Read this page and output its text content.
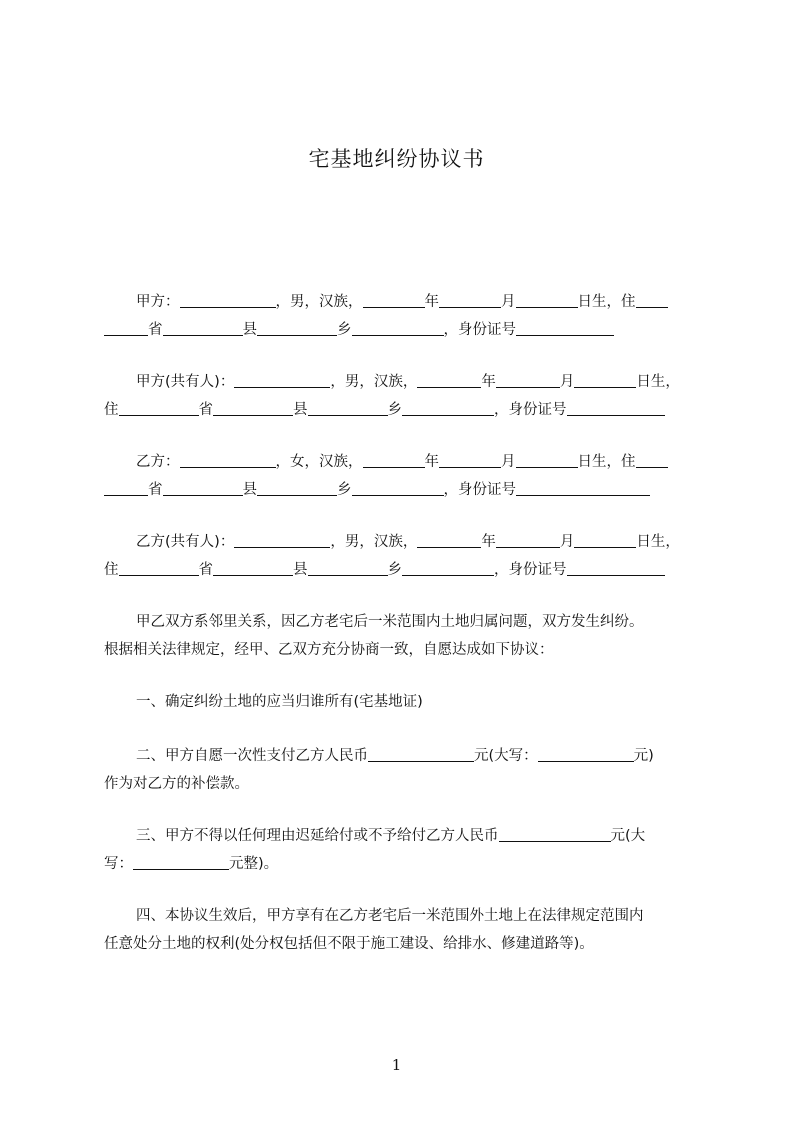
宅基地纠纷协议书
甲方：	，男，汉族，	年	月	日生，住
省	县	乡	，身份证号
甲方(共有人)：	，男，汉族，	年	月	日生，
住	省	县	乡	，身份证号
乙方：	，女，汉族，	年	月	日生，住
省	县	乡	，身份证号
乙方(共有人)：	，男，汉族，	年	月	日生，
住	省	县	乡	，身份证号
甲乙双方系邻里关系，因乙方老宅后一米范围内土地归属问题，双方发生纠纷。
根据相关法律规定，经甲、乙双方充分协商一致，自愿达成如下协议：
一、确定纠纷土地的应当归谁所有(宅基地证)
二、甲方自愿一次性支付乙方人民币	元(大写：	元)
作为对乙方的补偿款。
三、甲方不得以任何理由迟延给付或不予给付乙方人民币	元(大
写：	元整)。
四、本协议生效后，甲方享有在乙方老宅后一米范围外土地上在法律规定范围内
任意处分土地的权利(处分权包括但不限于施工建设、给排水、修建道路等)。
1
